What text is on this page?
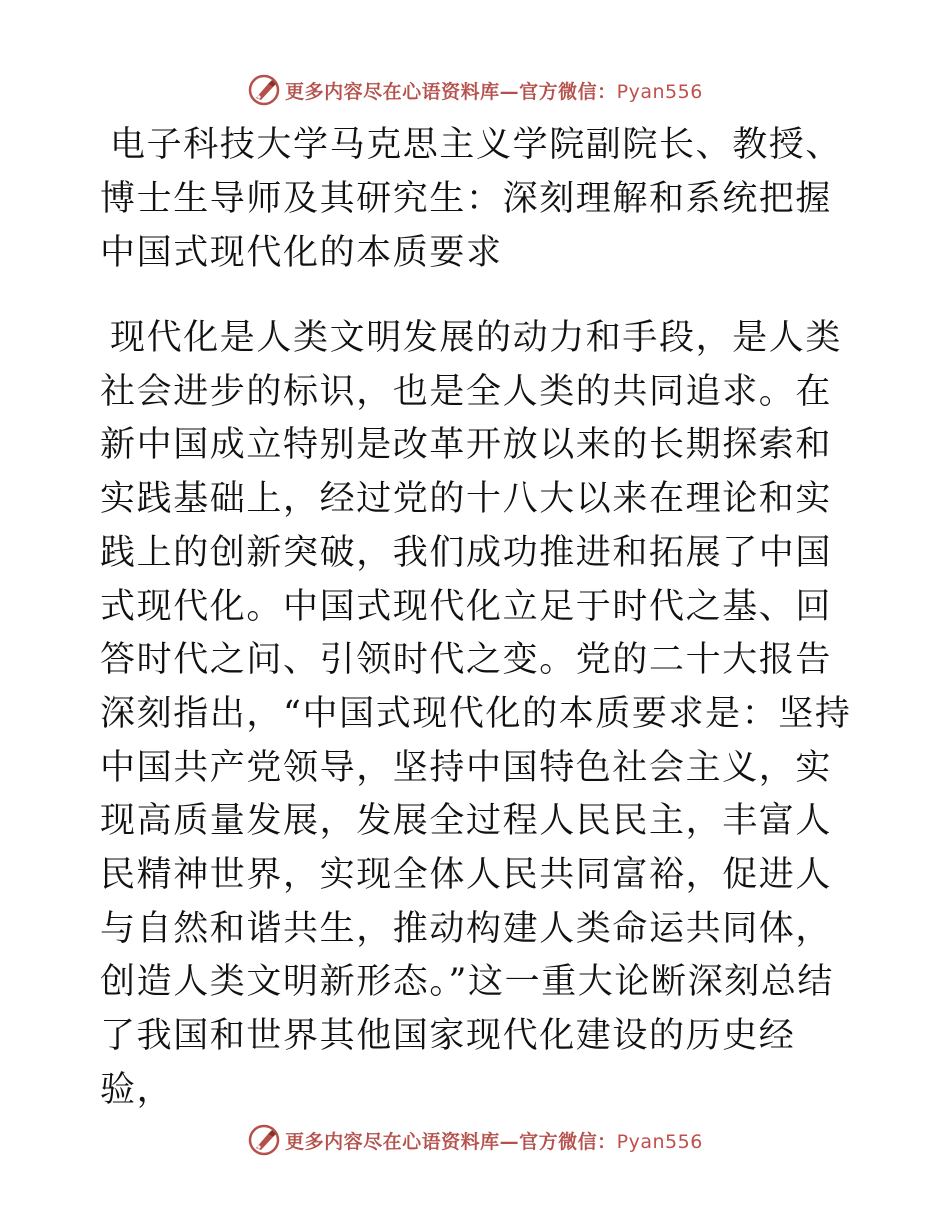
更多内容尽在心语资料库—官方微信：Pyan556
电子科技大学马克思主义学院副院长、教授、博士生导师及其研究生：深刻理解和系统把握中国式现代化的本质要求

现代化是人类文明发展的动力和手段，是人类社会进步的标识，也是全人类的共同追求。在新中国成立特别是改革开放以来的长期探索和实践基础上，经过党的十八大以来在理论和实践上的创新突破，我们成功推进和拓展了中国式现代化。中国式现代化立足于时代之基、回答时代之问、引领时代之变。党的二十大报告深刻指出，“中国式现代化的本质要求是：坚持中国共产党领导，坚持中国特色社会主义，实现高质量发展，发展全过程人民民主，丰富人民精神世界，实现全体人民共同富裕，促进人与自然和谐共生，推动构建人类命运共同体，创造人类文明新形态。”这一重大论断深刻总结了我国和世界其他国家现代化建设的历史经验，

更多内容尽在心语资料库—官方微信：Pyan556
